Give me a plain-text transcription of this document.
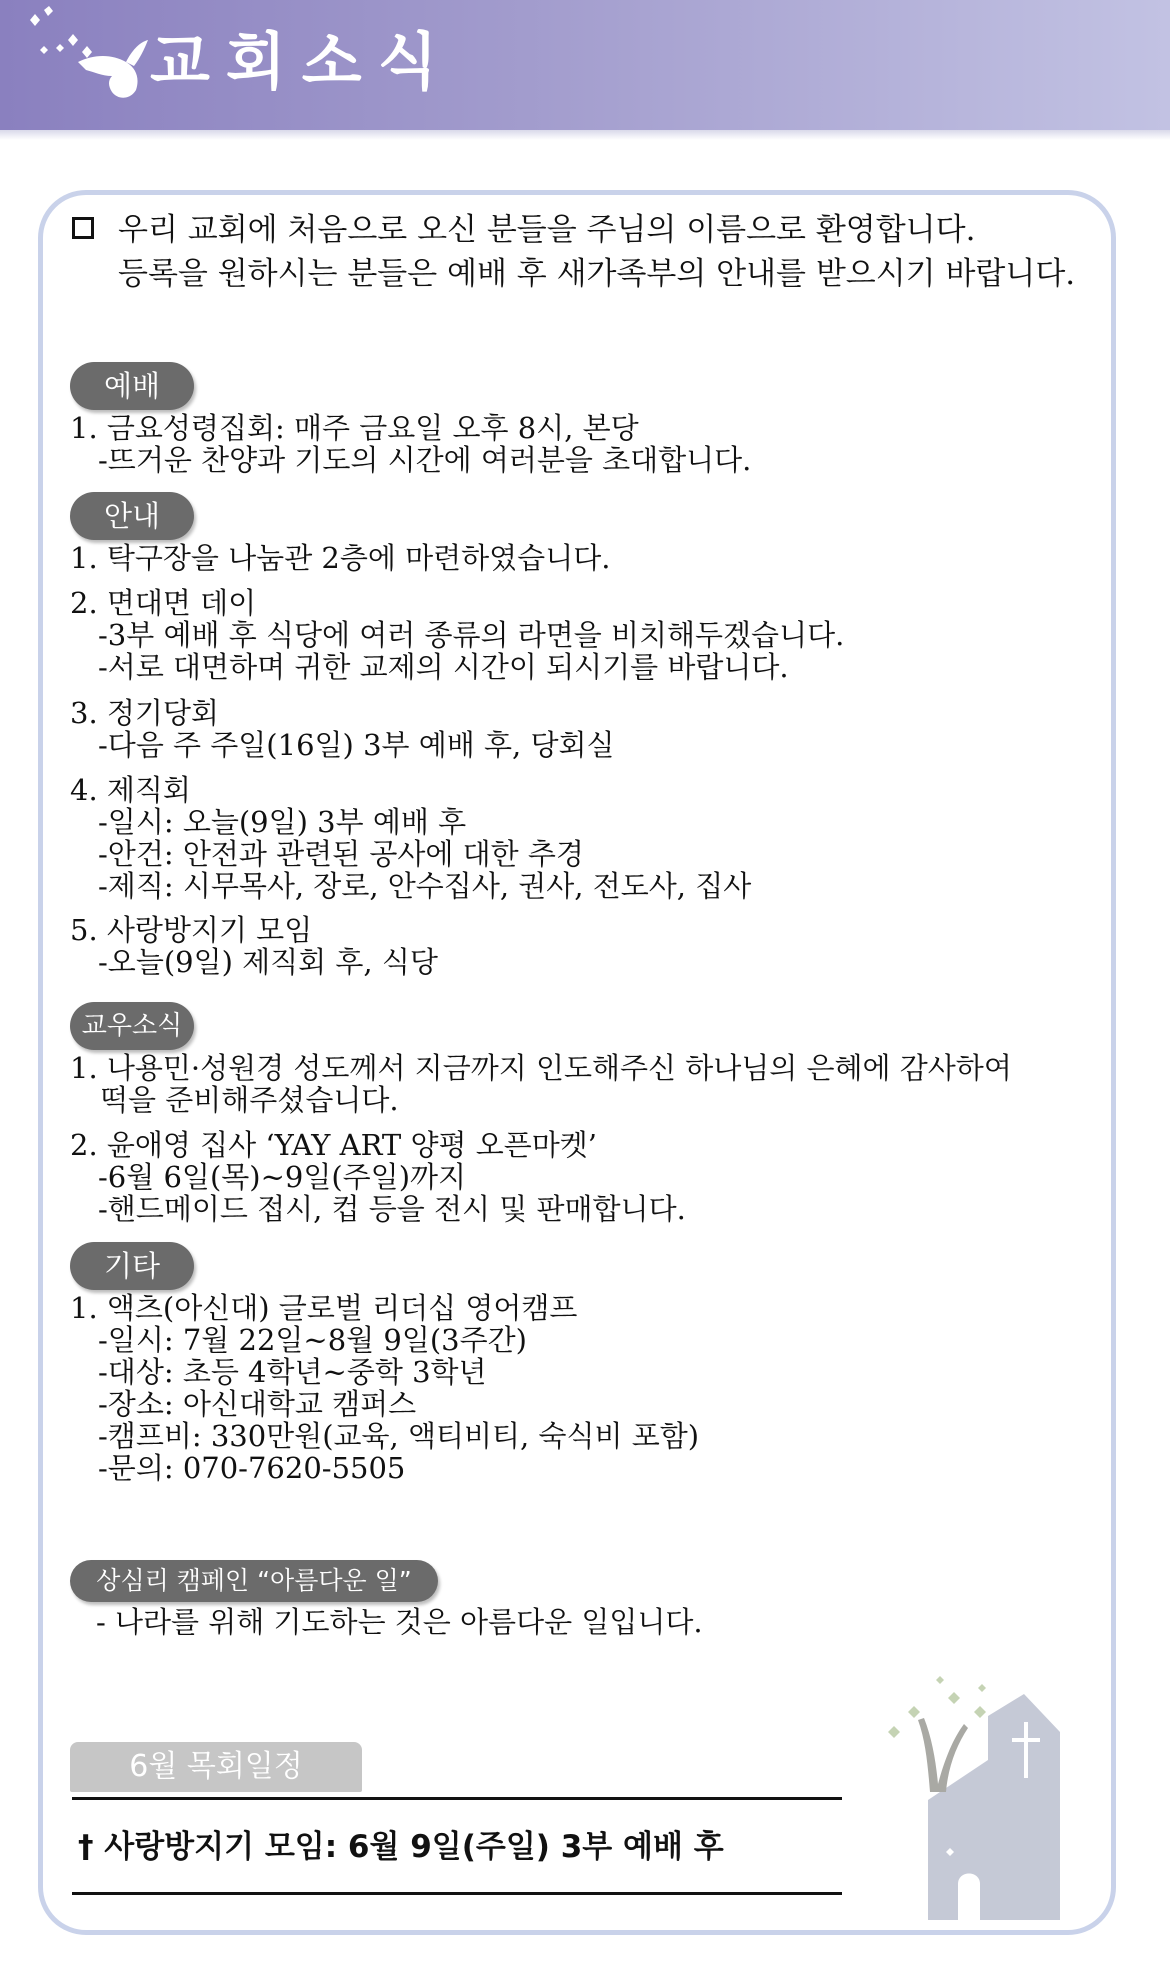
교회소식
우리 교회에 처음으로 오신 분들을 주님의 이름으로 환영합니다.
등록을 원하시는 분들은 예배 후 새가족부의 안내를 받으시기 바랍니다.
예배
1. 금요성령집회: 매주 금요일 오후 8시, 본당
-뜨거운 찬양과 기도의 시간에 여러분을 초대합니다.
안내
1. 탁구장을 나눔관 2층에 마련하였습니다.
2. 면대면 데이
-3부 예배 후 식당에 여러 종류의 라면을 비치해두겠습니다.
-서로 대면하며 귀한 교제의 시간이 되시기를 바랍니다.
3. 정기당회
-다음 주 주일(16일) 3부 예배 후, 당회실
4. 제직회
-일시: 오늘(9일) 3부 예배 후
-안건: 안전과 관련된 공사에 대한 추경
-제직: 시무목사, 장로, 안수집사, 권사, 전도사, 집사
5. 사랑방지기 모임
-오늘(9일) 제직회 후, 식당
교우소식
1. 나용민·성원경 성도께서 지금까지 인도해주신 하나님의 은혜에 감사하여
떡을 준비해주셨습니다.
2. 윤애영 집사 ‘YAY ART 양평 오픈마켓’
-6월 6일(목)~9일(주일)까지
-핸드메이드 접시, 컵 등을 전시 및 판매합니다.
기타
1. 액츠(아신대) 글로벌 리더십 영어캠프
-일시: 7월 22일~8월 9일(3주간)
-대상: 초등 4학년~중학 3학년
-장소: 아신대학교 캠퍼스
-캠프비: 330만원(교육, 액티비티, 숙식비 포함)
-문의: 070-7620-5505
상심리 캠페인 “아름다운 일”
- 나라를 위해 기도하는 것은 아름다운 일입니다.
6월 목회일정
† 사랑방지기 모임: 6월 9일(주일) 3부 예배 후
